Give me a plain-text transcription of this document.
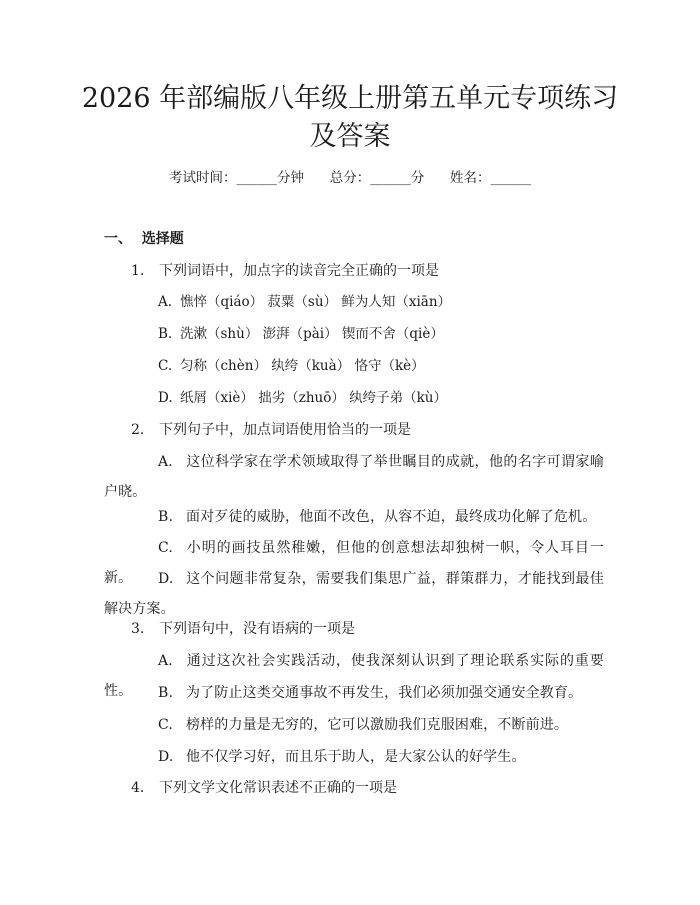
2026 年部编版八年级上册第五单元专项练习
及答案
考试时间：______分钟      总分：______分      姓名：______
一、  选择题
1. 下列词语中，加点字的读音完全正确的一项是
A. 憔悴（qiáo） 菽粟（sù） 鲜为人知（xiān）
B. 洗漱（shù） 澎湃（pài） 锲而不舍（qiè）
C. 匀称（chèn） 纨绔（kuà） 恪守（kè）
D. 纸屑（xiè） 拙劣（zhuō） 纨绔子弟（kù）
2. 下列句子中，加点词语使用恰当的一项是
A. 这位科学家在学术领域取得了举世瞩目的成就，他的名字可谓家喻户晓。
B. 面对歹徒的威胁，他面不改色，从容不迫，最终成功化解了危机。
C. 小明的画技虽然稚嫩，但他的创意想法却独树一帜，令人耳目一新。	D. 这个问题非常复杂，需要我们集思广益，群策群力，才能找到最佳解决方案。
3. 下列语句中，没有语病的一项是
A. 通过这次社会实践活动，使我深刻认识到了理论联系实际的重要性。	B. 为了防止这类交通事故不再发生，我们必须加强交通安全教育。
C. 榜样的力量是无穷的，它可以激励我们克服困难，不断前进。
D. 他不仅学习好，而且乐于助人，是大家公认的好学生。
4. 下列文学文化常识表述不正确的一项是
